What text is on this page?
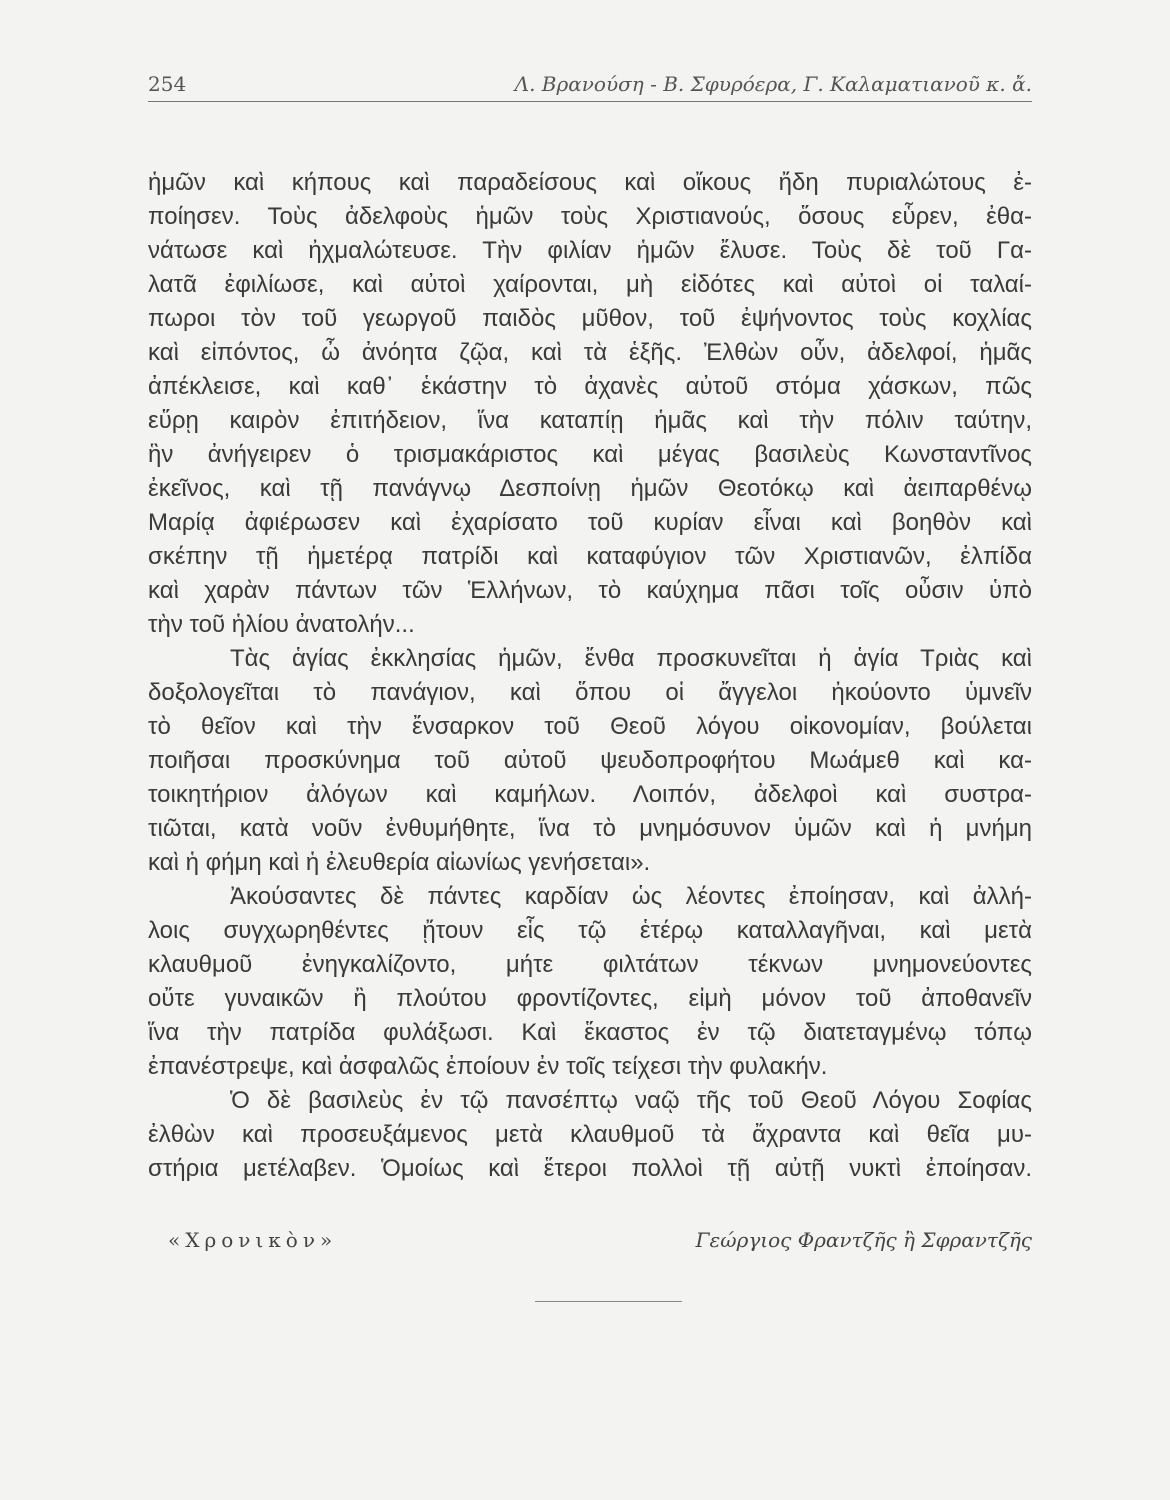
254	Λ. Βρανούση - Β. Σφυρόερα, Γ. Καλαματιανοῦ κ. ἄ.
ἡμῶν καὶ κήπους καὶ παραδείσους καὶ οἴκους ἤδη πυριαλώτους ἐ-
ποίησεν. Τοὺς ἀδελφοὺς ἡμῶν τοὺς Χριστιανούς, ὅσους εὗρεν, ἐθα-
νάτωσε καὶ ἠχμαλώτευσε. Τὴν φιλίαν ἡμῶν ἔλυσε. Τοὺς δὲ τοῦ Γα-
λατᾶ ἐφιλίωσε, καὶ αὐτοὶ χαίρονται, μὴ εἰδότες καὶ αὐτοὶ οἱ ταλαί-
πωροι τὸν τοῦ γεωργοῦ παιδὸς μῦθον, τοῦ ἐψήνοντος τοὺς κοχλίας
καὶ εἰπόντος, ὦ ἀνόητα ζῷα, καὶ τὰ ἑξῆς. Ἐλθὼν οὖν, ἀδελφοί, ἡμᾶς
ἀπέκλεισε, καὶ καθ᾽ ἑκάστην τὸ ἀχανὲς αὐτοῦ στόμα χάσκων, πῶς
εὕρῃ καιρὸν ἐπιτήδειον, ἵνα καταπίῃ ἡμᾶς καὶ τὴν πόλιν ταύτην,
ἣν ἀνήγειρεν ὁ τρισμακάριστος καὶ μέγας βασιλεὺς Κωνσταντῖνος
ἐκεῖνος, καὶ τῇ πανάγνῳ Δεσποίνῃ ἡμῶν Θεοτόκῳ καὶ ἀειπαρθένῳ
Μαρίᾳ ἀφιέρωσεν καὶ ἐχαρίσατο τοῦ κυρίαν εἶναι καὶ βοηθὸν καὶ
σκέπην τῇ ἡμετέρᾳ πατρίδι καὶ καταφύγιον τῶν Χριστιανῶν, ἐλπίδα
καὶ χαρὰν πάντων τῶν Ἑλλήνων, τὸ καύχημα πᾶσι τοῖς οὖσιν ὑπὸ
τὴν τοῦ ἡλίου ἀνατολήν...
Τὰς ἁγίας ἐκκλησίας ἡμῶν, ἔνθα προσκυνεῖται ἡ ἁγία Τριὰς καὶ
δοξολογεῖται τὸ πανάγιον, καὶ ὅπου οἱ ἄγγελοι ἠκούοντο ὑμνεῖν
τὸ θεῖον καὶ τὴν ἔνσαρκον τοῦ Θεοῦ λόγου οἰκονομίαν, βούλεται
ποιῆσαι προσκύνημα τοῦ αὐτοῦ ψευδοπροφήτου Μωάμεθ καὶ κα-
τοικητήριον ἀλόγων καὶ καμήλων. Λοιπόν, ἀδελφοὶ καὶ συστρα-
τιῶται, κατὰ νοῦν ἐνθυμήθητε, ἵνα τὸ μνημόσυνον ὑμῶν καὶ ἡ μνήμη
καὶ ἡ φήμη καὶ ἡ ἐλευθερία αἰωνίως γενήσεται».
Ἀκούσαντες δὲ πάντες καρδίαν ὡς λέοντες ἐποίησαν, καὶ ἀλλή-
λοις συγχωρηθέντες ᾔτουν εἷς τῷ ἑτέρῳ καταλλαγῆναι, καὶ μετὰ
κλαυθμοῦ ἐνηγκαλίζοντο, μήτε φιλτάτων τέκνων μνημονεύοντες
οὔτε γυναικῶν ἢ πλούτου φροντίζοντες, εἰμὴ μόνον τοῦ ἀποθανεῖν
ἵνα τὴν πατρίδα φυλάξωσι. Καὶ ἕκαστος ἐν τῷ διατεταγμένῳ τόπῳ
ἐπανέστρεψε, καὶ ἀσφαλῶς ἐποίουν ἐν τοῖς τείχεσι τὴν φυλακήν.
Ὁ δὲ βασιλεὺς ἐν τῷ πανσέπτῳ ναῷ τῆς τοῦ Θεοῦ Λόγου Σοφίας
ἐλθὼν καὶ προσευξάμενος μετὰ κλαυθμοῦ τὰ ἄχραντα καὶ θεῖα μυ-
στήρια μετέλαβεν. Ὁμοίως καὶ ἕτεροι πολλοὶ τῇ αὐτῇ νυκτὶ ἐποίησαν.
«Χρονικὸν»	Γεώργιος Φραντζῆς ἢ Σφραντζῆς
